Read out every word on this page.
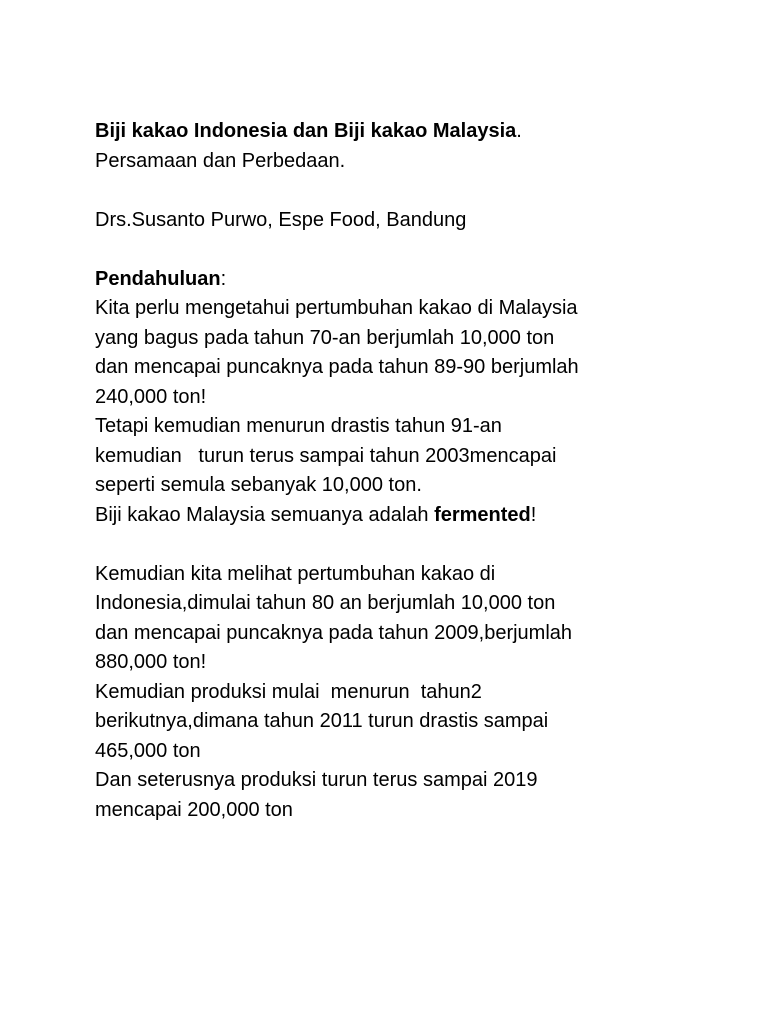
Biji kakao Indonesia dan Biji kakao Malaysia.
Persamaan dan Perbedaan.
Drs.Susanto Purwo, Espe Food, Bandung
Pendahuluan:
Kita perlu mengetahui pertumbuhan kakao di Malaysia
yang bagus pada tahun 70-an berjumlah 10,000 ton
dan mencapai puncaknya pada tahun 89-90 berjumlah
240,000 ton!
Tetapi kemudian menurun drastis tahun 91-an
kemudian   turun terus sampai tahun 2003mencapai
seperti semula sebanyak 10,000 ton.
Biji kakao Malaysia semuanya adalah fermented!
Kemudian kita melihat pertumbuhan kakao di
Indonesia,dimulai tahun 80 an berjumlah 10,000 ton
dan mencapai puncaknya pada tahun 2009,berjumlah
880,000 ton!
Kemudian produksi mulai  menurun  tahun2
berikutnya,dimana tahun 2011 turun drastis sampai
465,000 ton
Dan seterusnya produksi turun terus sampai 2019
mencapai 200,000 ton
